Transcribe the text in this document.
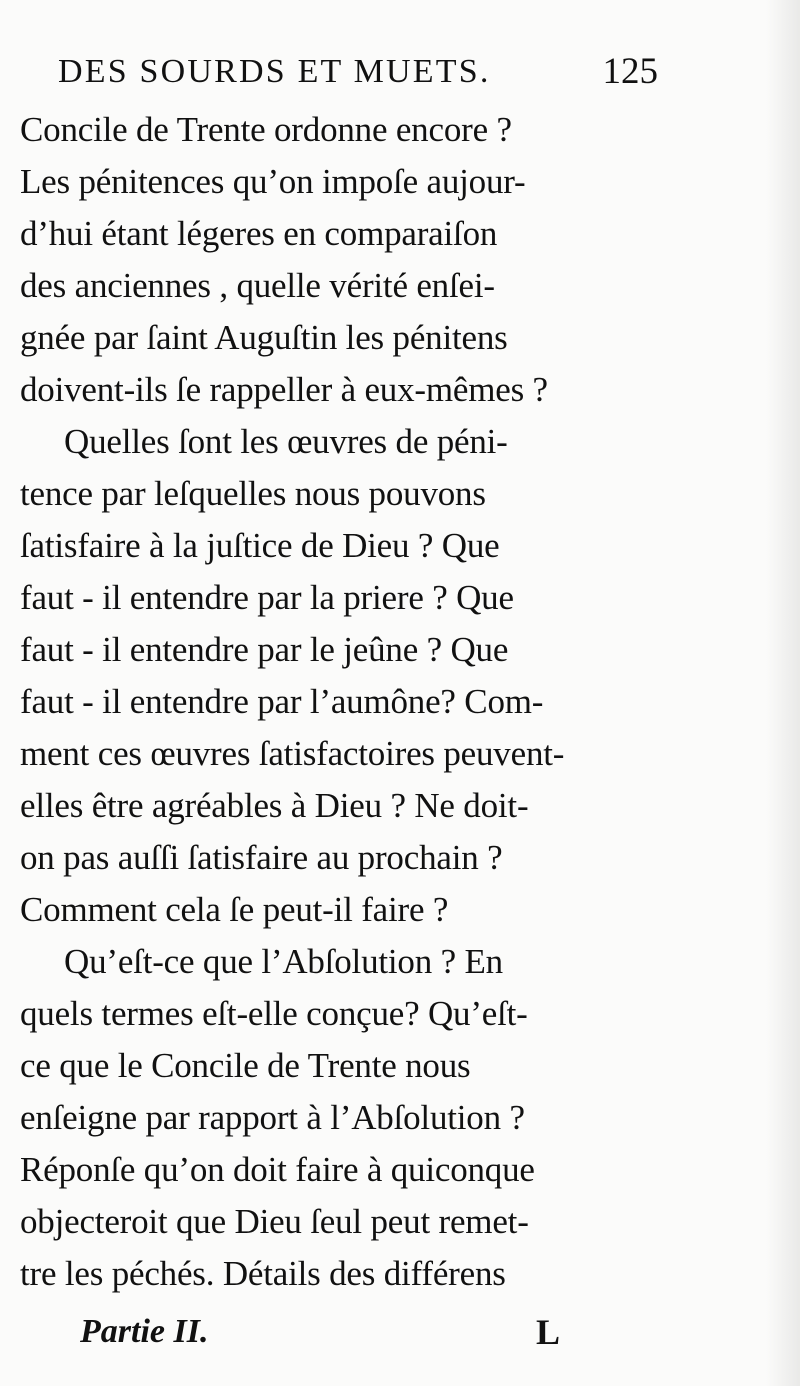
DES SOURDS ET MUETS.	125
Concile de Trente ordonne encore ?
Les pénitences qu’on impoſe aujour-
d’hui étant légeres en comparaiſon
des anciennes , quelle vérité enſei-
gnée par ſaint Auguſtin les pénitens
doivent-ils ſe rappeller à eux-mêmes ?
Quelles ſont les œuvres de péni-
tence par leſquelles nous pouvons
ſatisfaire à la juſtice de Dieu ? Que
faut - il entendre par la priere ? Que
faut - il entendre par le jeûne ? Que
faut - il entendre par l’aumône? Com-
ment ces œuvres ſatisfactoires peuvent-
elles être agréables à Dieu ? Ne doit-
on pas auſſi ſatisfaire au prochain ?
Comment cela ſe peut-il faire ?
Qu’eſt-ce que l’Abſolution ? En
quels termes eſt-elle conçue? Qu’eſt-
ce que le Concile de Trente nous
enſeigne par rapport à l’Abſolution ?
Réponſe qu’on doit faire à quiconque
objecteroit que Dieu ſeul peut remet-
tre les péchés. Détails des différens
Partie II.	L
